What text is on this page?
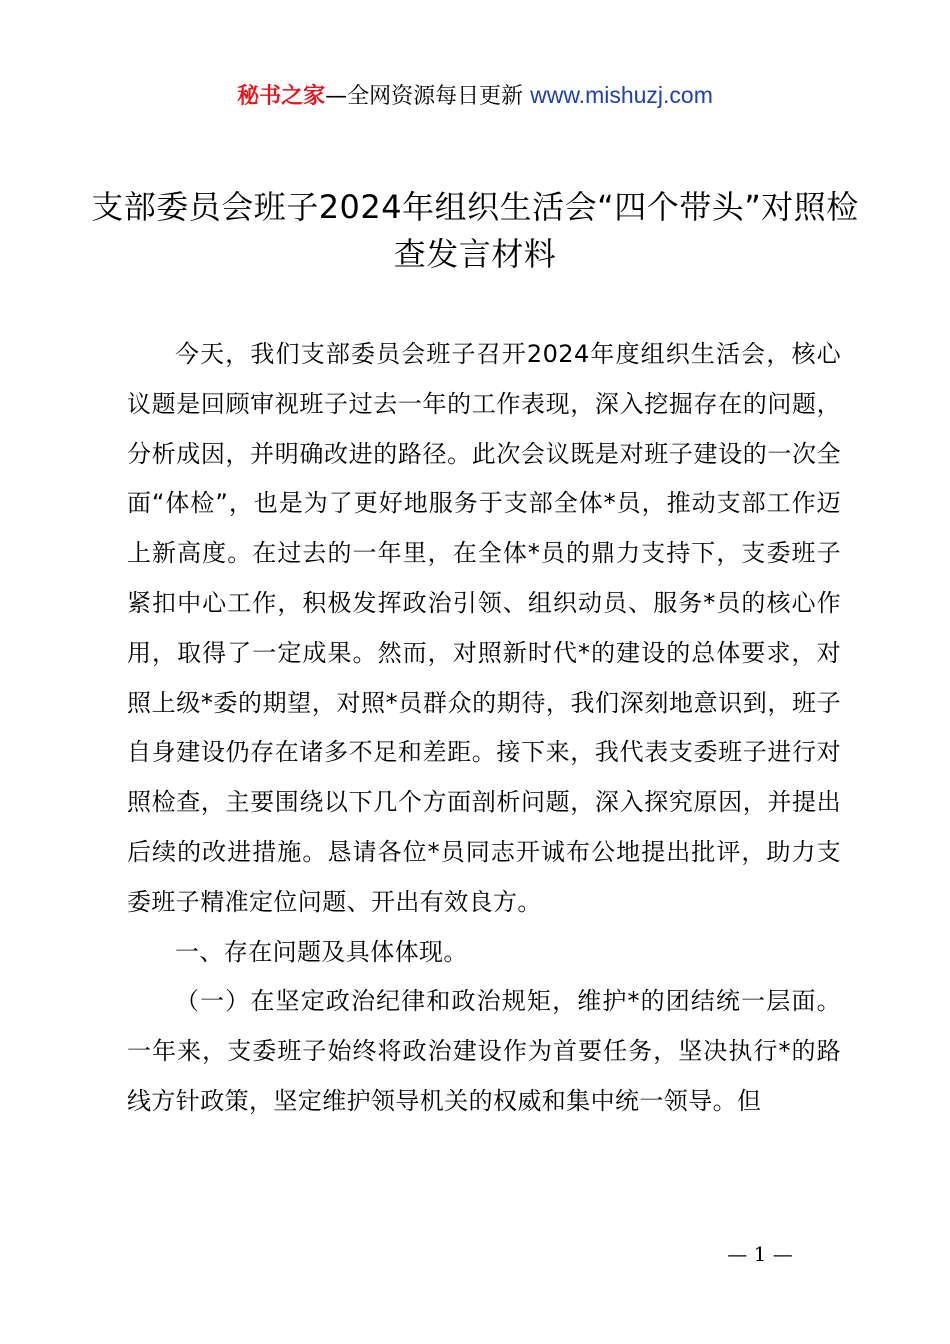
秘书之家—全网资源每日更新 www.mishuzj.com
支部委员会班子2024年组织生活会“四个带头”对照检查发言材料

今天，我们支部委员会班子召开2024年度组织生活会，核心议题是回顾审视班子过去一年的工作表现，深入挖掘存在的问题，分析成因，并明确改进的路径。此次会议既是对班子建设的一次全面“体检”，也是为了更好地服务于支部全体*员，推动支部工作迈上新高度。在过去的一年里，在全体*员的鼎力支持下，支委班子紧扣中心工作，积极发挥政治引领、组织动员、服务*员的核心作用，取得了一定成果。然而，对照新时代*的建设的总体要求，对照上级*委的期望，对照*员群众的期待，我们深刻地意识到，班子自身建设仍存在诸多不足和差距。接下来，我代表支委班子进行对照检查，主要围绕以下几个方面剖析问题，深入探究原因，并提出后续的改进措施。恳请各位*员同志开诚布公地提出批评，助力支委班子精准定位问题、开出有效良方。

一、存在问题及具体体现。

（一）在坚定政治纪律和政治规矩，维护*的团结统一层面。一年来，支委班子始终将政治建设作为首要任务，坚决执行*的路线方针政策，坚定维护领导机关的权威和集中统一领导。但

— 1 —
